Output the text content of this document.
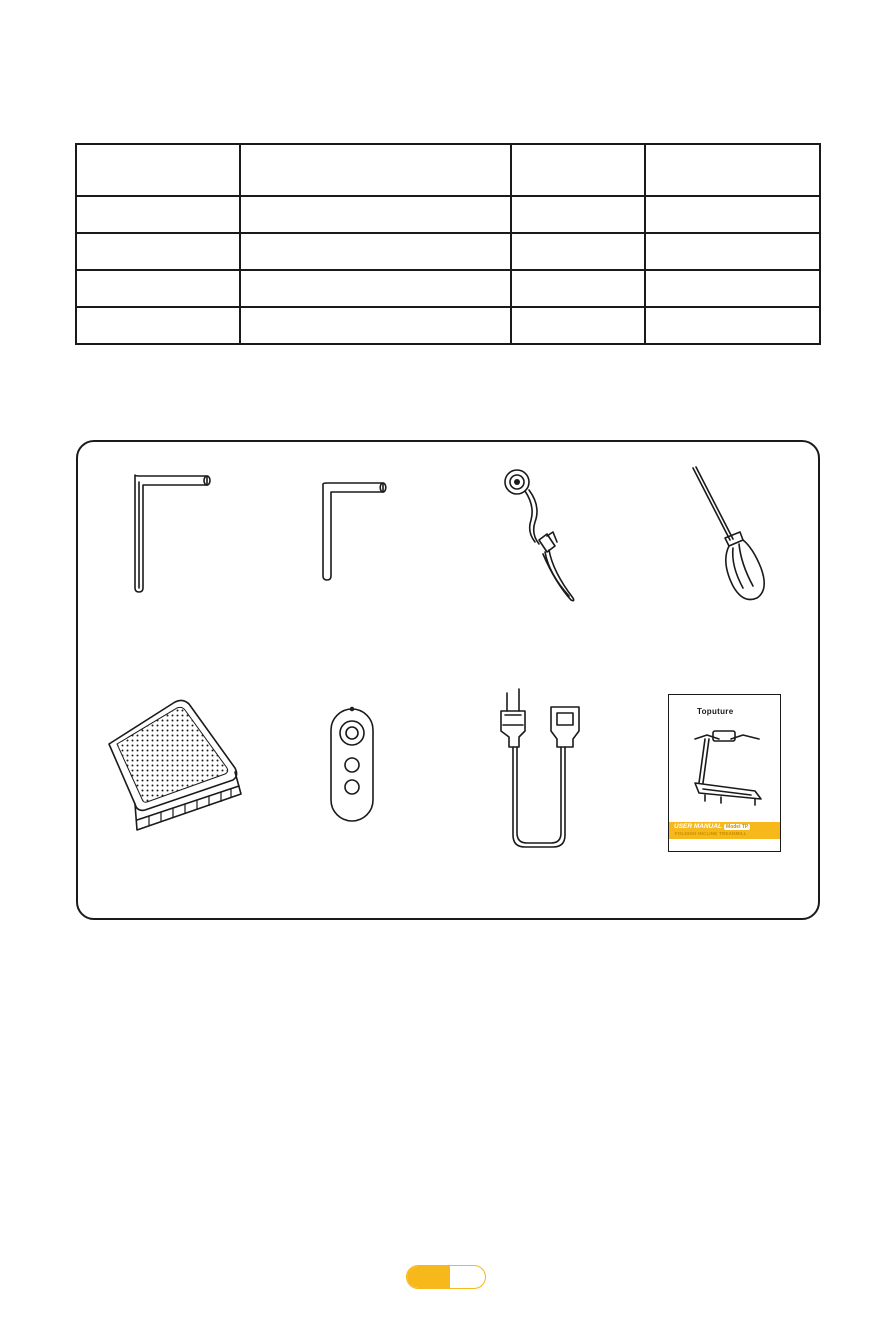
Toputure
USER MANUAL Model TP
FOLDING INCLINE TREADMILL
